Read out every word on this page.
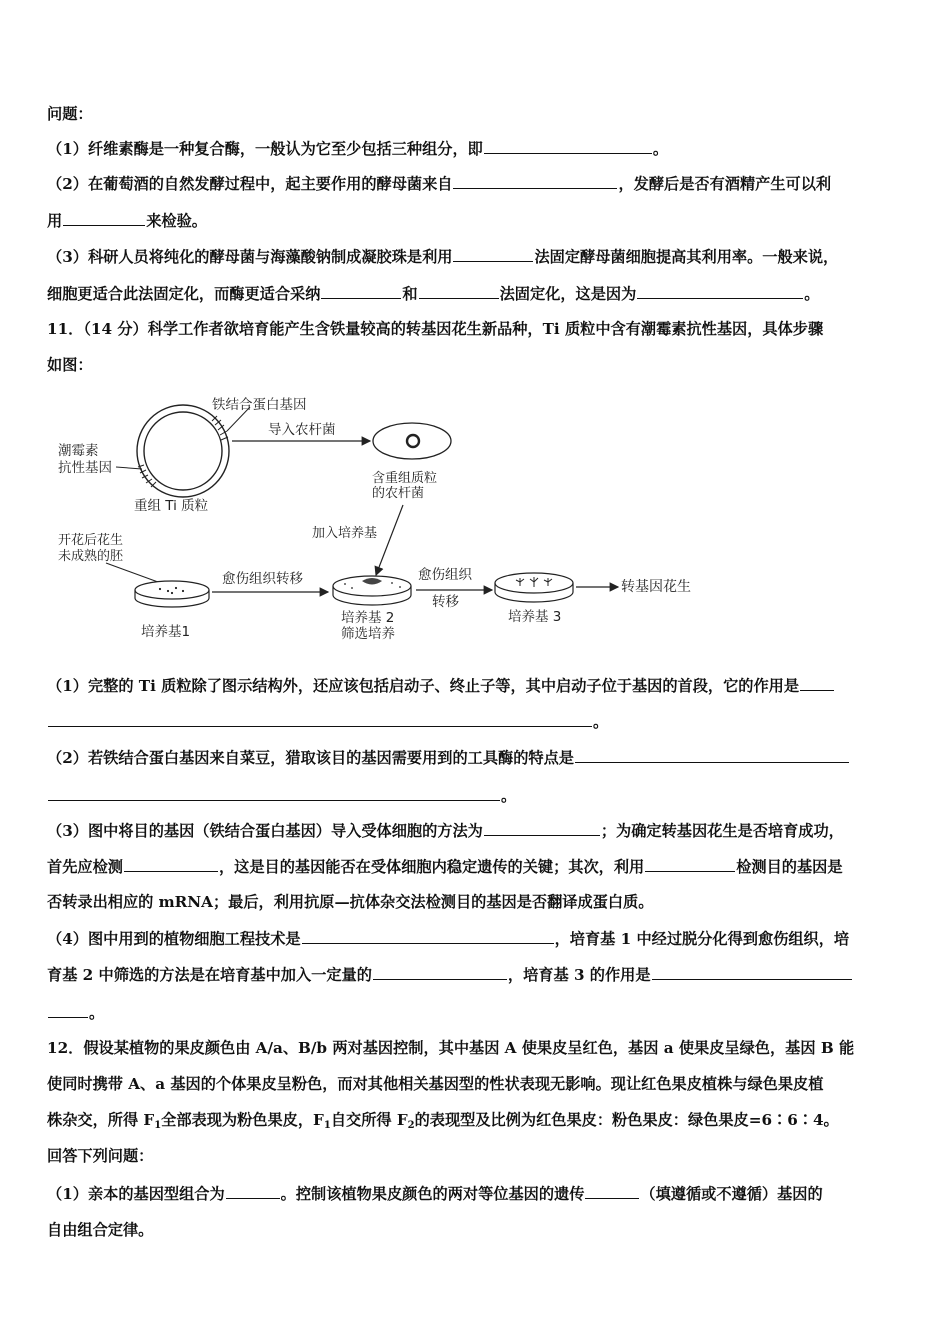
问题：
（1）纤维素酶是一种复合酶，一般认为它至少包括三种组分，即	。
（2）在葡萄酒的自然发酵过程中，起主要作用的酵母菌来自	，发酵后是否有酒精产生可以利
用	来检验。
（3）科研人员将纯化的酵母菌与海藻酸钠制成凝胶珠是利用	法固定酵母菌细胞提高其利用率。一般来说，
细胞更适合此法固定化，而酶更适合采纳	和	法固定化，这是因为	。
11．（14 分）科学工作者欲培育能产生含铁量较高的转基因花生新品种，Ti 质粒中含有潮霉素抗性基因，具体步骤
如图：
铁结合蛋白基因
潮霉素
抗性基因
重组 Ti 质粒
导入农杆菌
含重组质粒
的农杆菌
加入培养基
开花后花生
未成熟的胚
培养基1
愈伤组织转移
培养基 2
筛选培养
愈伤组织
转移
培养基 3
转基因花生
（1）完整的 Ti 质粒除了图示结构外，还应该包括启动子、终止子等，其中启动子位于基因的首段，它的作用是
。
（2）若铁结合蛋白基因来自菜豆，猎取该目的基因需要用到的工具酶的特点是
。
（3）图中将目的基因（铁结合蛋白基因）导入受体细胞的方法为	；为确定转基因花生是否培育成功，
首先应检测	，这是目的基因能否在受体细胞内稳定遗传的关键；其次，利用	检测目的基因是
否转录出相应的 mRNA；最后，利用抗原—抗体杂交法检测目的基因是否翻译成蛋白质。
（4）图中用到的植物细胞工程技术是	，培育基 1 中经过脱分化得到愈伤组织，培
育基 2 中筛选的方法是在培育基中加入一定量的	，培育基 3 的作用是
。
12．假设某植物的果皮颜色由 A/a、B/b 两对基因控制，其中基因 A 使果皮呈红色，基因 a 使果皮呈绿色，基因 B 能
使同时携带 A、a 基因的个体果皮呈粉色，而对其他相关基因型的性状表现无影响。现让红色果皮植株与绿色果皮植
株杂交，所得 $F_1$全部表现为粉色果皮，$F_1$自交所得 $F_2$的表现型及比例为红色果皮：粉色果皮：绿色果皮=6∶6∶4。
回答下列问题：
（1）亲本的基因型组合为	。控制该植物果皮颜色的两对等位基因的遗传	（填遵循或不遵循）基因的
自由组合定律。
